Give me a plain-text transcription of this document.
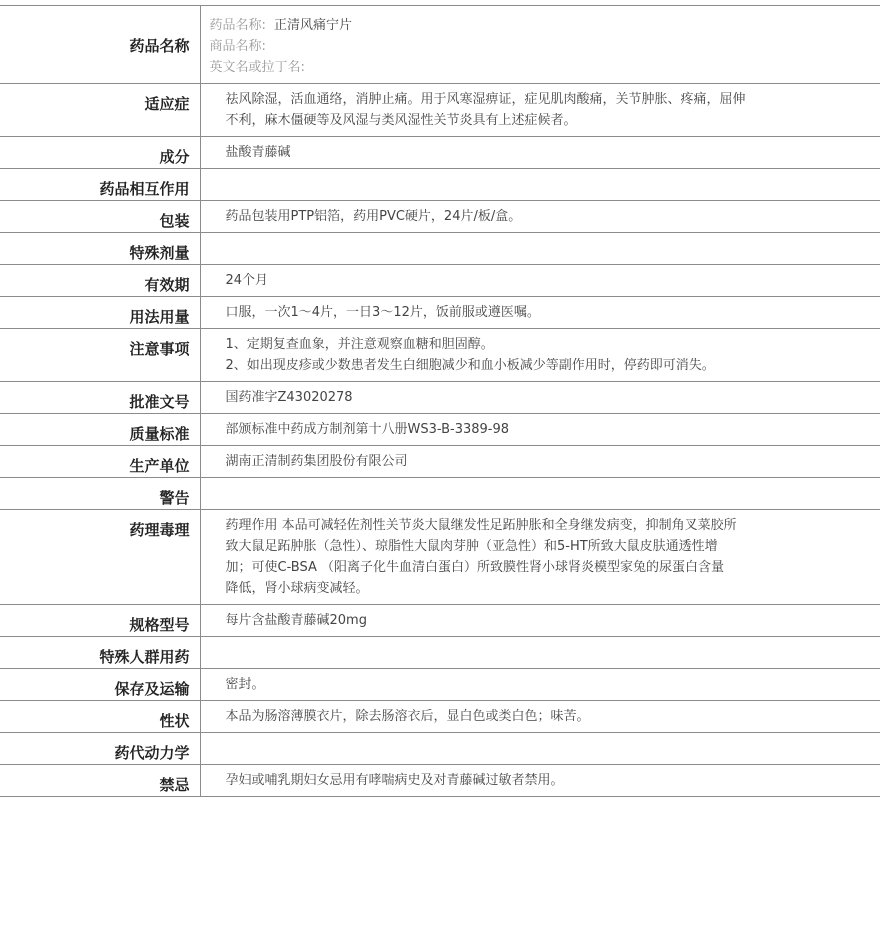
药品名称	药品名称: 正清风痛宁片
商品名称:
英文名或拉丁名:

适应症	祛风除湿，活血通络，消肿止痛。用于风寒湿痹证，症见肌肉酸痛，关节肿胀、疼痛，屈伸
不利，麻木僵硬等及风湿与类风湿性关节炎具有上述症候者。

成分	盐酸青藤碱

药品相互作用	

包装	药品包装用PTP铝箔，药用PVC硬片，24片/板/盒。

特殊剂量	

有效期	24个月

用法用量	口服，一次1～4片，一日3～12片，饭前服或遵医嘱。

注意事项	1、定期复查血象，并注意观察血糖和胆固醇。
2、如出现皮疹或少数患者发生白细胞减少和血小板减少等副作用时，停药即可消失。

批准文号	国药准字Z43020278

质量标准	部颁标准中药成方制剂第十八册WS3-B-3389-98

生产单位	湖南正清制药集团股份有限公司

警告	

药理毒理	药理作用 本品可减轻佐剂性关节炎大鼠继发性足跖肿胀和全身继发病变，抑制角叉菜胶所
致大鼠足跖肿胀（急性）、琼脂性大鼠肉芽肿（亚急性）和5-HT所致大鼠皮肤通透性增
加；可使C-BSA （阳离子化牛血清白蛋白）所致膜性肾小球肾炎模型家兔的尿蛋白含量
降低，肾小球病变减轻。

规格型号	每片含盐酸青藤碱20mg

特殊人群用药	

保存及运输	密封。

性状	本品为肠溶薄膜衣片，除去肠溶衣后，显白色或类白色；味苦。

药代动力学	

禁忌	孕妇或哺乳期妇女忌用有哮喘病史及对青藤碱过敏者禁用。
